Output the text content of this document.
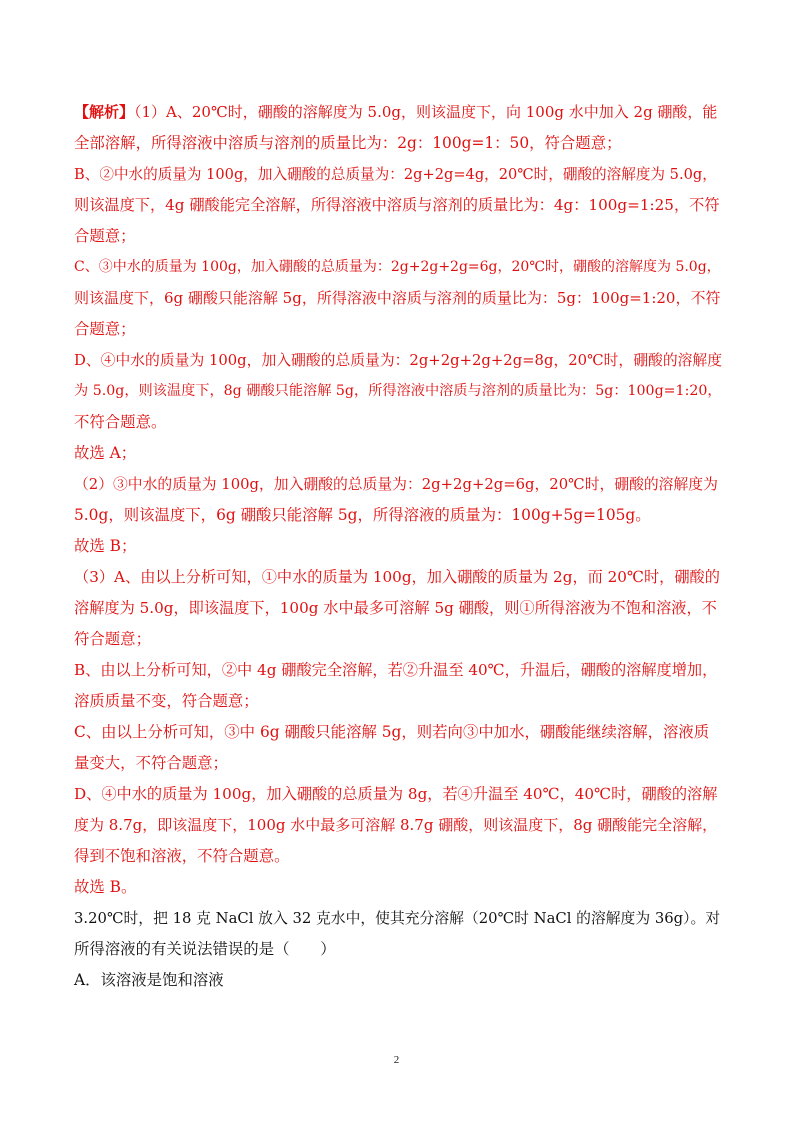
【解析】（1）A、20℃时，硼酸的溶解度为 5.0g，则该温度下，向 100g 水中加入 2g 硼酸，能
全部溶解，所得溶液中溶质与溶剂的质量比为：2g：100g=1：50，符合题意；
B、②中水的质量为 100g，加入硼酸的总质量为：2g+2g=4g，20℃时，硼酸的溶解度为 5.0g，
则该温度下，4g 硼酸能完全溶解，所得溶液中溶质与溶剂的质量比为：4g：100g=1:25，不符
合题意；
C、③中水的质量为 100g，加入硼酸的总质量为：2g+2g+2g=6g，20℃时，硼酸的溶解度为 5.0g，
则该温度下，6g 硼酸只能溶解 5g，所得溶液中溶质与溶剂的质量比为：5g：100g=1:20，不符
合题意；
D、④中水的质量为 100g，加入硼酸的总质量为：2g+2g+2g+2g=8g，20℃时，硼酸的溶解度
为 5.0g，则该温度下，8g 硼酸只能溶解 5g，所得溶液中溶质与溶剂的质量比为：5g：100g=1:20，
不符合题意。
故选 A；
（2）③中水的质量为 100g，加入硼酸的总质量为：2g+2g+2g=6g，20℃时，硼酸的溶解度为
5.0g，则该温度下，6g 硼酸只能溶解 5g，所得溶液的质量为：100g+5g=105g。
故选 B；
（3）A、由以上分析可知，①中水的质量为 100g，加入硼酸的质量为 2g，而 20℃时，硼酸的
溶解度为 5.0g，即该温度下，100g 水中最多可溶解 5g 硼酸，则①所得溶液为不饱和溶液，不
符合题意；
B、由以上分析可知，②中 4g 硼酸完全溶解，若②升温至 40℃，升温后，硼酸的溶解度增加，
溶质质量不变，符合题意；
C、由以上分析可知，③中 6g 硼酸只能溶解 5g，则若向③中加水，硼酸能继续溶解，溶液质
量变大，不符合题意；
D、④中水的质量为 100g，加入硼酸的总质量为 8g，若④升温至 40℃，40℃时，硼酸的溶解
度为 8.7g，即该温度下，100g 水中最多可溶解 8.7g 硼酸，则该温度下，8g 硼酸能完全溶解，
得到不饱和溶液，不符合题意。
故选 B。
3.20℃时，把 18 克 NaCl 放入 32 克水中，使其充分溶解（20℃时 NaCl 的溶解度为 36g）。对
所得溶液的有关说法错误的是（　　）
A．该溶液是饱和溶液
2
